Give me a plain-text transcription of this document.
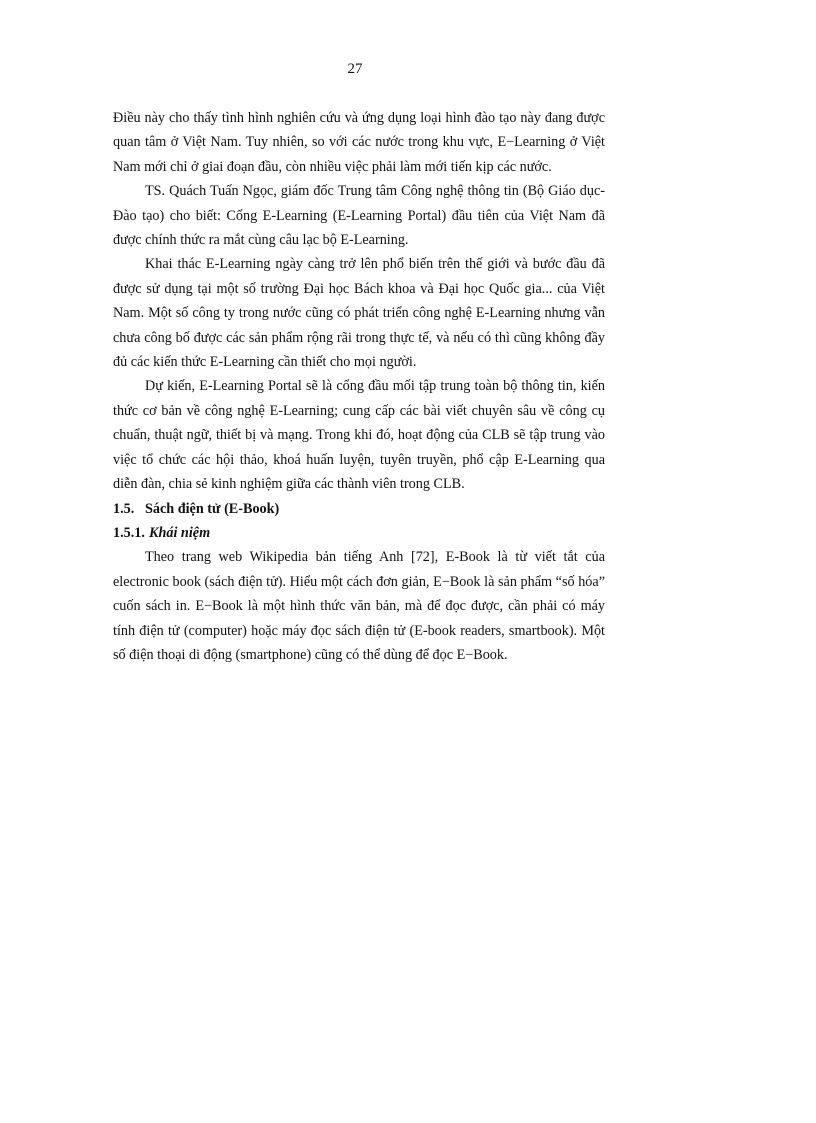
27

Điều này cho thấy tình hình nghiên cứu và ứng dụng loại hình đào tạo này đang được quan tâm ở Việt Nam. Tuy nhiên, so với các nước trong khu vực, E−Learning ở Việt Nam mới chỉ ở giai đoạn đầu, còn nhiều việc phải làm mới tiến kịp các nước.

TS. Quách Tuấn Ngọc, giám đốc Trung tâm Công nghệ thông tin (Bộ Giáo dục-Đào tạo) cho biết: Cổng E-Learning (E-Learning Portal) đầu tiên của Việt Nam đã được chính thức ra mắt cùng câu lạc bộ E-Learning.

Khai thác E-Learning ngày càng trở lên phổ biến trên thế giới và bước đầu đã được sử dụng tại một số trường Đại học Bách khoa và Đại học Quốc gia... của Việt Nam. Một số công ty trong nước cũng có phát triển công nghệ E-Learning nhưng vẫn chưa công bố được các sản phẩm rộng rãi trong thực tế, và nếu có thì cũng không đầy đủ các kiến thức E-Learning cần thiết cho mọi người.

Dự kiến, E-Learning Portal sẽ là cổng đầu mối tập trung toàn bộ thông tin, kiến thức cơ bản về công nghệ E-Learning; cung cấp các bài viết chuyên sâu về công cụ chuẩn, thuật ngữ, thiết bị và mạng. Trong khi đó, hoạt động của CLB sẽ tập trung vào việc tổ chức các hội thảo, khoá huấn luyện, tuyên truyền, phổ cập E-Learning qua diễn đàn, chia sẻ kinh nghiệm giữa các thành viên trong CLB.

1.5. Sách điện tử (E-Book)
1.5.1. Khái niệm

Theo trang web Wikipedia bản tiếng Anh [72], E-Book là từ viết tắt của electronic book (sách điện tử). Hiểu một cách đơn giản, E−Book là sản phẩm “số hóa” cuốn sách in. E−Book là một hình thức văn bản, mà để đọc được, cần phải có máy tính điện tử (computer) hoặc máy đọc sách điện tử (E-book readers, smartbook). Một số điện thoại di động (smartphone) cũng có thể dùng để đọc E−Book.
